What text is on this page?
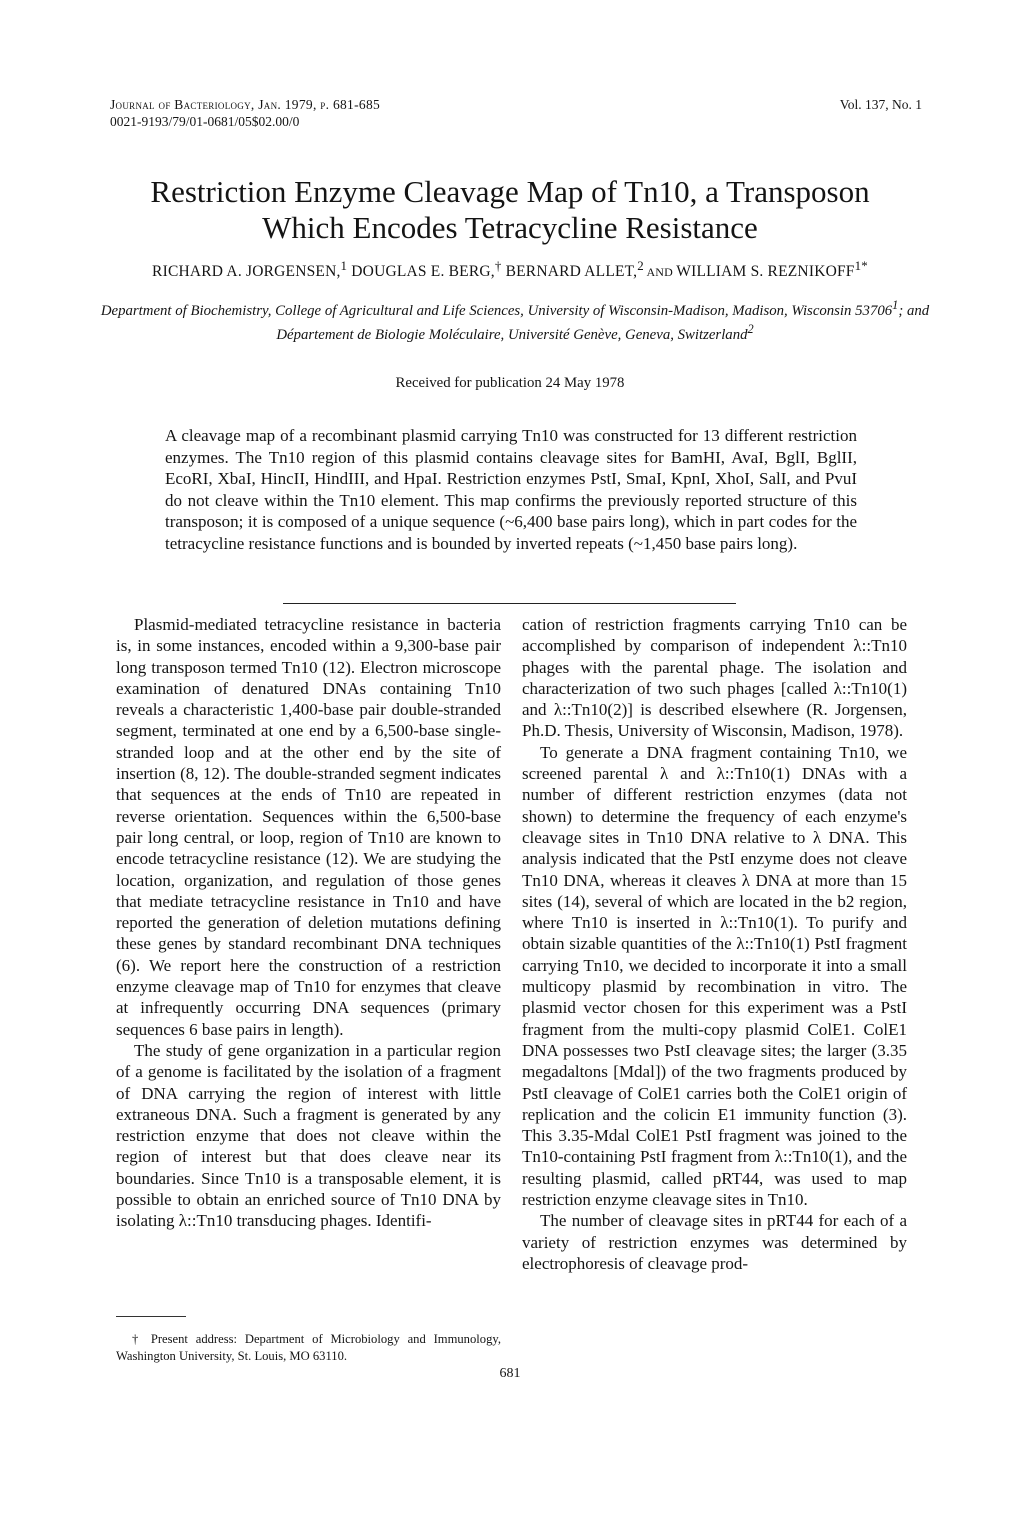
Journal of Bacteriology, Jan. 1979, p. 681-685
0021-9193/79/01-0681/05$02.00/0
Vol. 137, No. 1
Restriction Enzyme Cleavage Map of Tn10, a Transposon
Which Encodes Tetracycline Resistance
RICHARD A. JORGENSEN,$^1$ DOUGLAS E. BERG,† BERNARD ALLET,$^2$ AND WILLIAM S. $REZNIKOFF^{1*}$
Department of Biochemistry, College of Agricultural and Life Sciences, University of Wisconsin-Madison, Madison, Wisconsin 53706$^1$; and Département de Biologie Moléculaire, Université Genève, Geneva, Switzerland$^2$
Received for publication 24 May 1978
A cleavage map of a recombinant plasmid carrying Tn10 was constructed for 13 different restriction enzymes. The Tn10 region of this plasmid contains cleavage sites for BamHI, AvaI, BglI, BglII, EcoRI, XbaI, HincII, HindIII, and HpaI. Restriction enzymes PstI, SmaI, KpnI, XhoI, SalI, and PvuI do not cleave within the Tn10 element. This map confirms the previously reported structure of this transposon; it is composed of a unique sequence (~6,400 base pairs long), which in part codes for the tetracycline resistance functions and is bounded by inverted repeats (~1,450 base pairs long).

Plasmid-mediated tetracycline resistance in bacteria is, in some instances, encoded within a 9,300-base pair long transposon termed Tn10 (12). Electron microscope examination of denatured DNAs containing Tn10 reveals a characteristic 1,400-base pair double-stranded segment, terminated at one end by a 6,500-base single-stranded loop and at the other end by the site of insertion (8, 12). The double-stranded segment indicates that sequences at the ends of Tn10 are repeated in reverse orientation. Sequences within the 6,500-base pair long central, or loop, region of Tn10 are known to encode tetracycline resistance (12). We are studying the location, organization, and regulation of those genes that mediate tetracycline resistance in Tn10 and have reported the generation of deletion mutations defining these genes by standard recombinant DNA techniques (6). We report here the construction of a restriction enzyme cleavage map of Tn10 for enzymes that cleave at infrequently occurring DNA sequences (primary sequences 6 base pairs in length).

The study of gene organization in a particular region of a genome is facilitated by the isolation of a fragment of DNA carrying the region of interest with little extraneous DNA. Such a fragment is generated by any restriction enzyme that does not cleave within the region of interest but that does cleave near its boundaries. Since Tn10 is a transposable element, it is possible to obtain an enriched source of Tn10 DNA by isolating λ::Tn10 transducing phages. Identifi-

cation of restriction fragments carrying Tn10 can be accomplished by comparison of independent λ::Tn10 phages with the parental phage. The isolation and characterization of two such phages [called λ::Tn10(1) and λ::Tn10(2)] is described elsewhere (R. Jorgensen, Ph.D. Thesis, University of Wisconsin, Madison, 1978).

To generate a DNA fragment containing Tn10, we screened parental λ and λ::Tn10(1) DNAs with a number of different restriction enzymes (data not shown) to determine the frequency of each enzyme's cleavage sites in Tn10 DNA relative to λ DNA. This analysis indicated that the PstI enzyme does not cleave Tn10 DNA, whereas it cleaves λ DNA at more than 15 sites (14), several of which are located in the b2 region, where Tn10 is inserted in λ::Tn10(1). To purify and obtain sizable quantities of the λ::Tn10(1) PstI fragment carrying Tn10, we decided to incorporate it into a small multicopy plasmid by recombination in vitro. The plasmid vector chosen for this experiment was a PstI fragment from the multi-copy plasmid ColE1. ColE1 DNA possesses two PstI cleavage sites; the larger (3.35 megadaltons [Mdal]) of the two fragments produced by PstI cleavage of ColE1 carries both the ColE1 origin of replication and the colicin E1 immunity function (3). This 3.35-Mdal ColE1 PstI fragment was joined to the Tn10-containing PstI fragment from λ::Tn10(1), and the resulting plasmid, called pRT44, was used to map restriction enzyme cleavage sites in Tn10.

The number of cleavage sites in pRT44 for each of a variety of restriction enzymes was determined by electrophoresis of cleavage prod-

† Present address: Department of Microbiology and Immunology, Washington University, St. Louis, MO 63110.
681
